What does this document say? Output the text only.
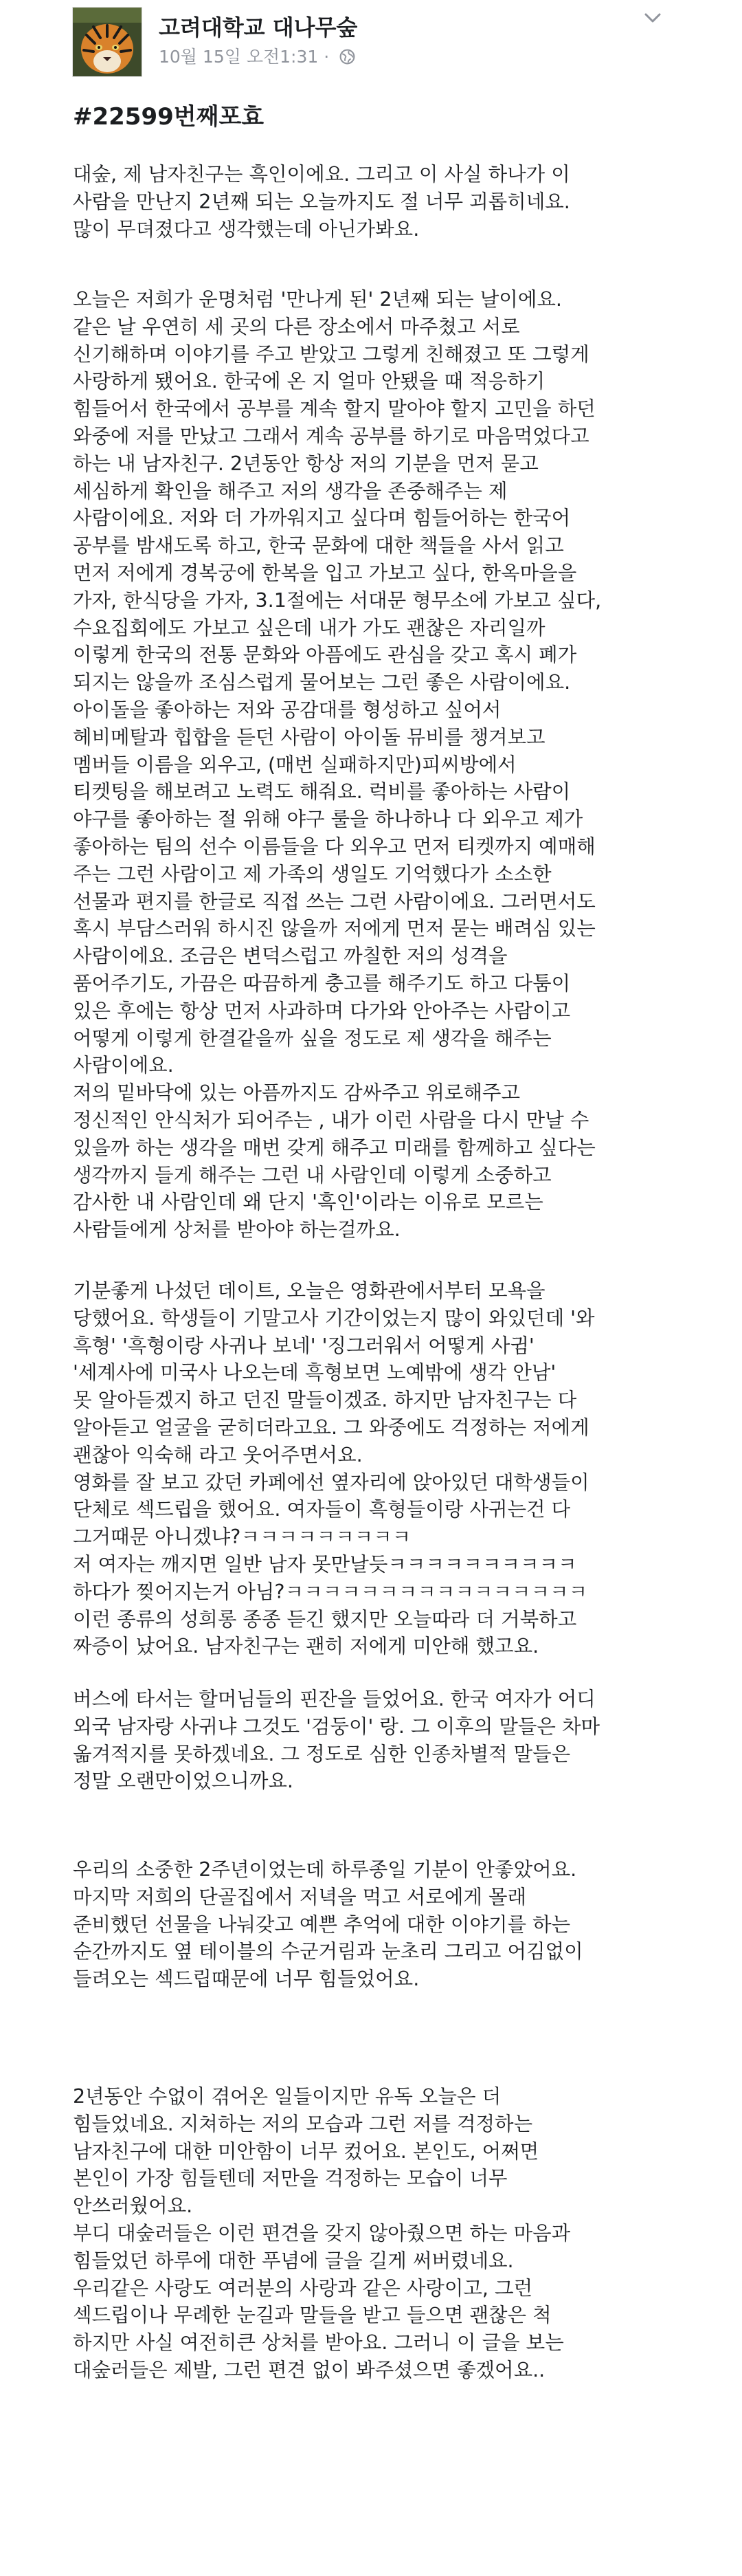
고려대학교 대나무숲
10월 15일 오전1:31 ·
#22599번째포효
대숲, 제 남자친구는 흑인이에요. 그리고 이 사실 하나가 이
사람을 만난지 2년째 되는 오늘까지도 절 너무 괴롭히네요.
많이 무뎌졌다고 생각했는데 아닌가봐요.
오늘은 저희가 운명처럼 '만나게 된' 2년째 되는 날이에요.
같은 날 우연히 세 곳의 다른 장소에서 마주쳤고 서로
신기해하며 이야기를 주고 받았고 그렇게 친해졌고 또 그렇게
사랑하게 됐어요. 한국에 온 지 얼마 안됐을 때 적응하기
힘들어서 한국에서 공부를 계속 할지 말아야 할지 고민을 하던
와중에 저를 만났고 그래서 계속 공부를 하기로 마음먹었다고
하는 내 남자친구. 2년동안 항상 저의 기분을 먼저 묻고
세심하게 확인을 해주고 저의 생각을 존중해주는 제
사람이에요. 저와 더 가까워지고 싶다며 힘들어하는 한국어
공부를 밤새도록 하고, 한국 문화에 대한 책들을 사서 읽고
먼저 저에게 경복궁에 한복을 입고 가보고 싶다, 한옥마을을
가자, 한식당을 가자, 3.1절에는 서대문 형무소에 가보고 싶다,
수요집회에도 가보고 싶은데 내가 가도 괜찮은 자리일까
이렇게 한국의 전통 문화와 아픔에도 관심을 갖고 혹시 폐가
되지는 않을까 조심스럽게 물어보는 그런 좋은 사람이에요.
아이돌을 좋아하는 저와 공감대를 형성하고 싶어서
헤비메탈과 힙합을 듣던 사람이 아이돌 뮤비를 챙겨보고
멤버들 이름을 외우고, (매번 실패하지만)피씨방에서
티켓팅을 해보려고 노력도 해줘요. 럭비를 좋아하는 사람이
야구를 좋아하는 절 위해 야구 룰을 하나하나 다 외우고 제가
좋아하는 팀의 선수 이름들을 다 외우고 먼저 티켓까지 예매해
주는 그런 사람이고 제 가족의 생일도 기억했다가 소소한
선물과 편지를 한글로 직접 쓰는 그런 사람이에요. 그러면서도
혹시 부담스러워 하시진 않을까 저에게 먼저 묻는 배려심 있는
사람이에요. 조금은 변덕스럽고 까칠한 저의 성격을
품어주기도, 가끔은 따끔하게 충고를 해주기도 하고 다툼이
있은 후에는 항상 먼저 사과하며 다가와 안아주는 사람이고
어떻게 이렇게 한결같을까 싶을 정도로 제 생각을 해주는
사람이에요.
저의 밑바닥에 있는 아픔까지도 감싸주고 위로해주고
정신적인 안식처가 되어주는 , 내가 이런 사람을 다시 만날 수
있을까 하는 생각을 매번 갖게 해주고 미래를 함께하고 싶다는
생각까지 들게 해주는 그런 내 사람인데 이렇게 소중하고
감사한 내 사람인데 왜 단지 '흑인'이라는 이유로 모르는
사람들에게 상처를 받아야 하는걸까요.
기분좋게 나섰던 데이트, 오늘은 영화관에서부터 모욕을
당했어요. 학생들이 기말고사 기간이었는지 많이 와있던데 '와
흑형' '흑형이랑 사귀나 보네' '징그러워서 어떻게 사귐'
'세계사에 미국사 나오는데 흑형보면 노예밖에 생각 안남'
못 알아듣겠지 하고 던진 말들이겠죠. 하지만 남자친구는 다
알아듣고 얼굴을 굳히더라고요. 그 와중에도 걱정하는 저에게
괜찮아 익숙해 라고 웃어주면서요.
영화를 잘 보고 갔던 카페에선 옆자리에 앉아있던 대학생들이
단체로 섹드립을 했어요. 여자들이 흑형들이랑 사귀는건 다
그거때문 아니겠냐?ㅋㅋㅋㅋㅋㅋㅋㅋㅋ
저 여자는 깨지면 일반 남자 못만날듯ㅋㅋㅋㅋㅋㅋㅋㅋㅋㅋ
하다가 찢어지는거 아님?ㅋㅋㅋㅋㅋㅋㅋㅋㅋㅋㅋㅋㅋㅋㅋㅋ
이런 종류의 성희롱 종종 듣긴 했지만 오늘따라 더 거북하고
짜증이 났어요. 남자친구는 괜히 저에게 미안해 했고요.
버스에 타서는 할머님들의 핀잔을 들었어요. 한국 여자가 어디
외국 남자랑 사귀냐 그것도 '검둥이' 랑. 그 이후의 말들은 차마
옮겨적지를 못하겠네요. 그 정도로 심한 인종차별적 말들은
정말 오랜만이었으니까요.
우리의 소중한 2주년이었는데 하루종일 기분이 안좋았어요.
마지막 저희의 단골집에서 저녁을 먹고 서로에게 몰래
준비했던 선물을 나눠갖고 예쁜 추억에 대한 이야기를 하는
순간까지도 옆 테이블의 수군거림과 눈초리 그리고 어김없이
들려오는 섹드립때문에 너무 힘들었어요.
2년동안 수없이 겪어온 일들이지만 유독 오늘은 더
힘들었네요. 지쳐하는 저의 모습과 그런 저를 걱정하는
남자친구에 대한 미안함이 너무 컸어요. 본인도, 어쩌면
본인이 가장 힘들텐데 저만을 걱정하는 모습이 너무
안쓰러웠어요.
부디 대숲러들은 이런 편견을 갖지 않아줬으면 하는 마음과
힘들었던 하루에 대한 푸념에 글을 길게 써버렸네요.
우리같은 사랑도 여러분의 사랑과 같은 사랑이고, 그런
섹드립이나 무례한 눈길과 말들을 받고 들으면 괜찮은 척
하지만 사실 여전히큰 상처를 받아요. 그러니 이 글을 보는
대숲러들은 제발, 그런 편견 없이 봐주셨으면 좋겠어요..
